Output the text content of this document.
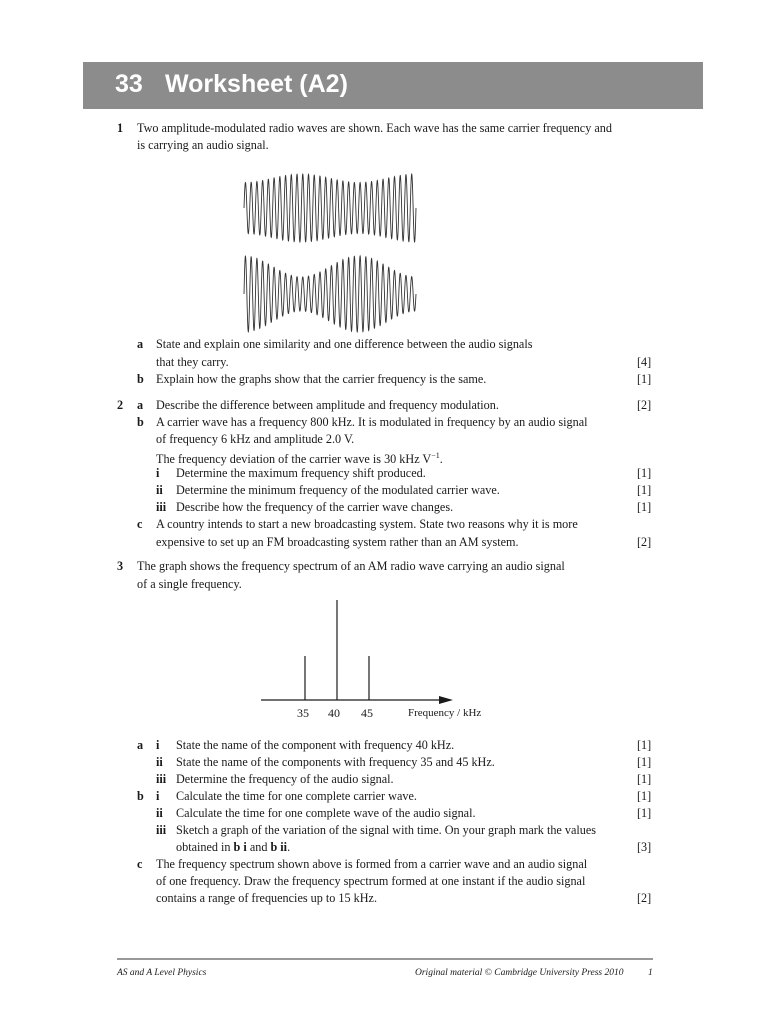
33 Worksheet (A2)
1 Two amplitude-modulated radio waves are shown. Each wave has the same carrier frequency and
is carrying an audio signal.
a State and explain one similarity and one difference between the audio signals
that they carry.	[4]
b Explain how the graphs show that the carrier frequency is the same.	[1]
2 a Describe the difference between amplitude and frequency modulation.	[2]
b A carrier wave has a frequency 800 kHz. It is modulated in frequency by an audio signal
of frequency 6 kHz and amplitude 2.0 V.
The frequency deviation of the carrier wave is 30 kHz $V^{-1}$.
i Determine the maximum frequency shift produced.	[1]
ii Determine the minimum frequency of the modulated carrier wave.	[1]
iii Describe how the frequency of the carrier wave changes.	[1]
c A country intends to start a new broadcasting system. State two reasons why it is more
expensive to set up an FM broadcasting system rather than an AM system.	[2]
3 The graph shows the frequency spectrum of an AM radio wave carrying an audio signal
of a single frequency.
35 40 45	Frequency / kHz
a i State the name of the component with frequency 40 kHz.	[1]
ii State the name of the components with frequency 35 and 45 kHz.	[1]
iii Determine the frequency of the audio signal.	[1]
b i Calculate the time for one complete carrier wave.	[1]
ii Calculate the time for one complete wave of the audio signal.	[1]
iii Sketch a graph of the variation of the signal with time. On your graph mark the values
obtained in b i and b ii.	[3]
c The frequency spectrum shown above is formed from a carrier wave and an audio signal
of one frequency. Draw the frequency spectrum formed at one instant if the audio signal
contains a range of frequencies up to 15 kHz.	[2]
AS and A Level Physics	Original material © Cambridge University Press 2010	1
